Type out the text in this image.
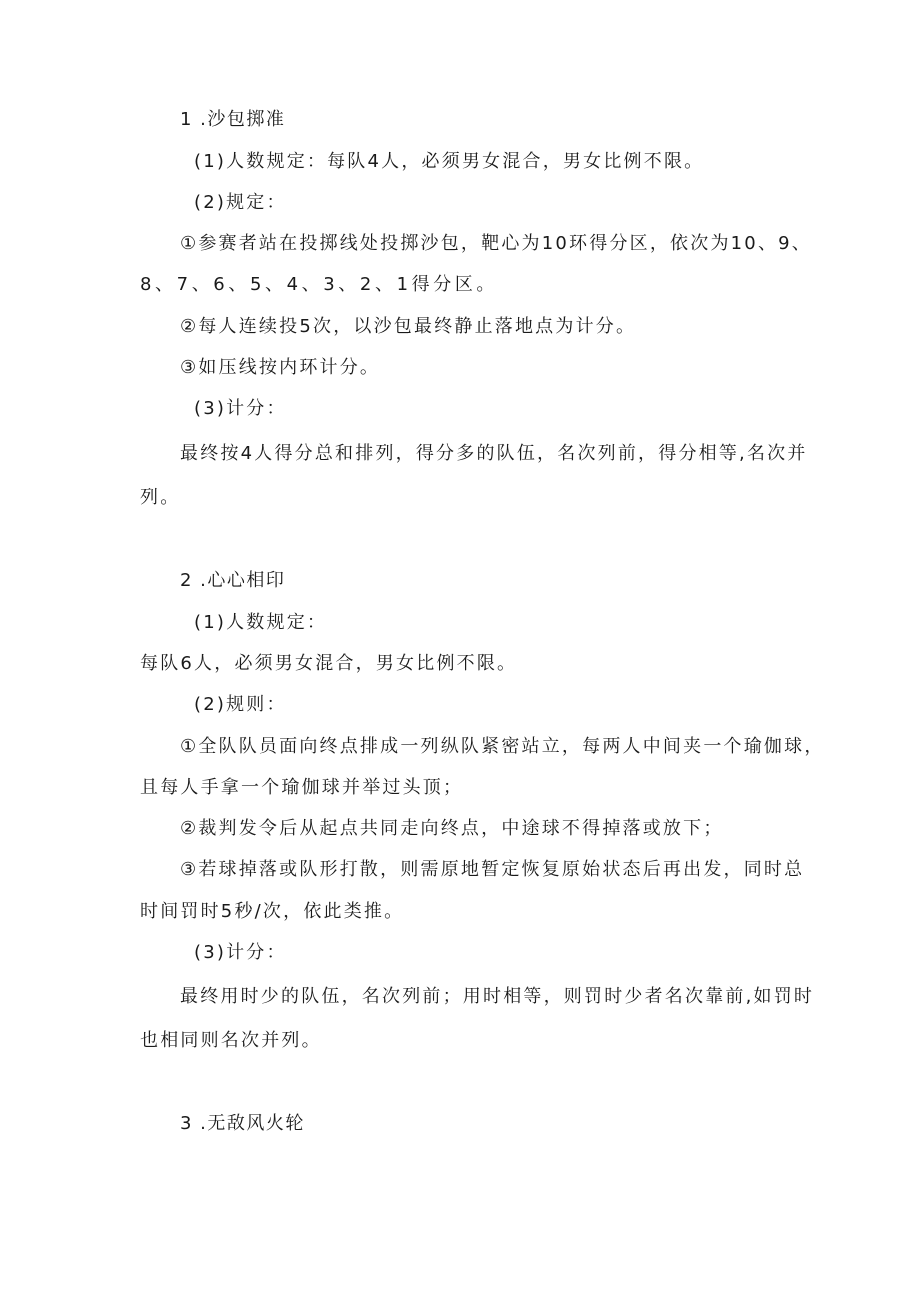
1 .沙包掷准
(1)人数规定：每队4人，必须男女混合，男女比例不限。
(2)规定：
①参赛者站在投掷线处投掷沙包，靶心为10环得分区，依次为10、9、
8、7、6、5、4、3、2、1得分区。
②每人连续投5次，以沙包最终静止落地点为计分。
③如压线按内环计分。
(3)计分：
最终按4人得分总和排列，得分多的队伍，名次列前，得分相等,名次并
列。
2 .心心相印
(1)人数规定：
每队6人，必须男女混合，男女比例不限。
(2)规则：
①全队队员面向终点排成一列纵队紧密站立，每两人中间夹一个瑜伽球，
且每人手拿一个瑜伽球并举过头顶；
②裁判发令后从起点共同走向终点，中途球不得掉落或放下；
③若球掉落或队形打散，则需原地暂定恢复原始状态后再出发，同时总
时间罚时5秒/次，依此类推。
(3)计分：
最终用时少的队伍，名次列前；用时相等，则罚时少者名次靠前,如罚时
也相同则名次并列。
3 .无敌风火轮
